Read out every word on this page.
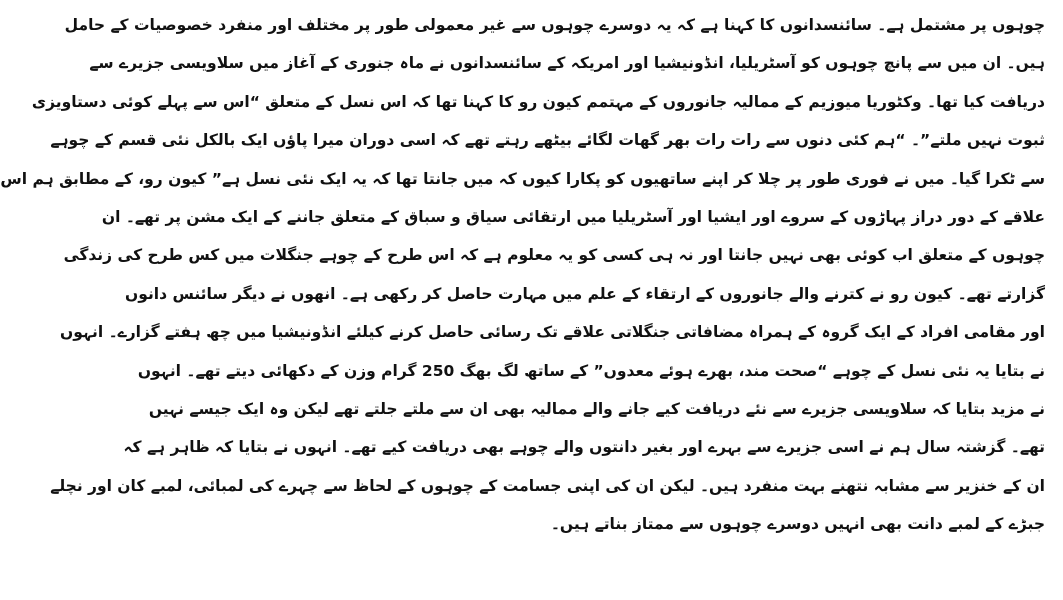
چوہوں پر مشتمل ہے۔ سائنسدانوں کا کہنا ہے کہ یہ دوسرے چوہوں سے غیر معمولی طور پر مختلف اور منفرد خصوصیات کے حامل
ہیں۔ ان میں سے پانچ چوہوں کو آسٹریلیا، انڈونیشیا اور امریکہ کے سائنسدانوں نے ماہ جنوری کے آغاز میں سلاویسی جزیرے سے
دریافت کیا تھا۔ وکٹوریا میوزیم کے ممالیہ جانوروں کے مہتمم کیون رو کا کہنا تھا کہ اس نسل کے متعلق “اس سے پہلے کوئی دستاویزی
ثبوت نہیں ملتے”۔ “ہم کئی دنوں سے رات رات بھر گھات لگائے بیٹھے رہتے تھے کہ اسی دوران میرا پاؤں ایک بالکل نئی قسم کے چوہے
سے ٹکرا گیا۔ میں نے فوری طور پر چلا کر اپنے ساتھیوں کو پکارا کیوں کہ میں جانتا تھا کہ یہ ایک نئی نسل ہے” کیون رو، کے مطابق ہم اس
علاقے کے دور دراز پہاڑوں کے سروے اور ایشیا اور آسٹریلیا میں ارتقائی سیاق و سباق کے متعلق جاننے کے ایک مشن پر تھے۔ ان
چوہوں کے متعلق اب کوئی بھی نہیں جانتا اور نہ ہی کسی کو یہ معلوم ہے کہ اس طرح کے چوہے جنگلات میں کس طرح کی زندگی
گزارتے تھے۔ کیون رو نے کترنے والے جانوروں کے ارتقاء کے علم میں مہارت حاصل کر رکھی ہے۔ انھوں نے دیگر سائنس دانوں
اور مقامی افراد کے ایک گروہ کے ہمراہ مضافاتی جنگلاتی علاقے تک رسائی حاصل کرنے کیلئے انڈونیشیا میں چھ ہفتے گزارے۔ انہوں
نے بتایا یہ نئی نسل کے چوہے “صحت مند، بھرے ہوئے معدوں” کے ساتھ لگ بھگ 250 گرام وزن کے دکھائی دیتے تھے۔ انہوں
نے مزید بتایا کہ سلاویسی جزیرے سے نئے دریافت کیے جانے والے ممالیہ بھی ان سے ملتے جلتے تھے لیکن وہ ایک جیسے نہیں
تھے۔ گزشتہ سال ہم نے اسی جزیرے سے بہرے اور بغیر دانتوں والے چوہے بھی دریافت کیے تھے۔ انہوں نے بتایا کہ ظاہر ہے کہ
ان کے خنزیر سے مشابہ نتھنے بہت منفرد ہیں۔ لیکن ان کی اپنی جسامت کے چوہوں کے لحاظ سے چہرے کی لمبائی، لمبے کان اور نچلے
جبڑے کے لمبے دانت بھی انہیں دوسرے چوہوں سے ممتاز بناتے ہیں۔
